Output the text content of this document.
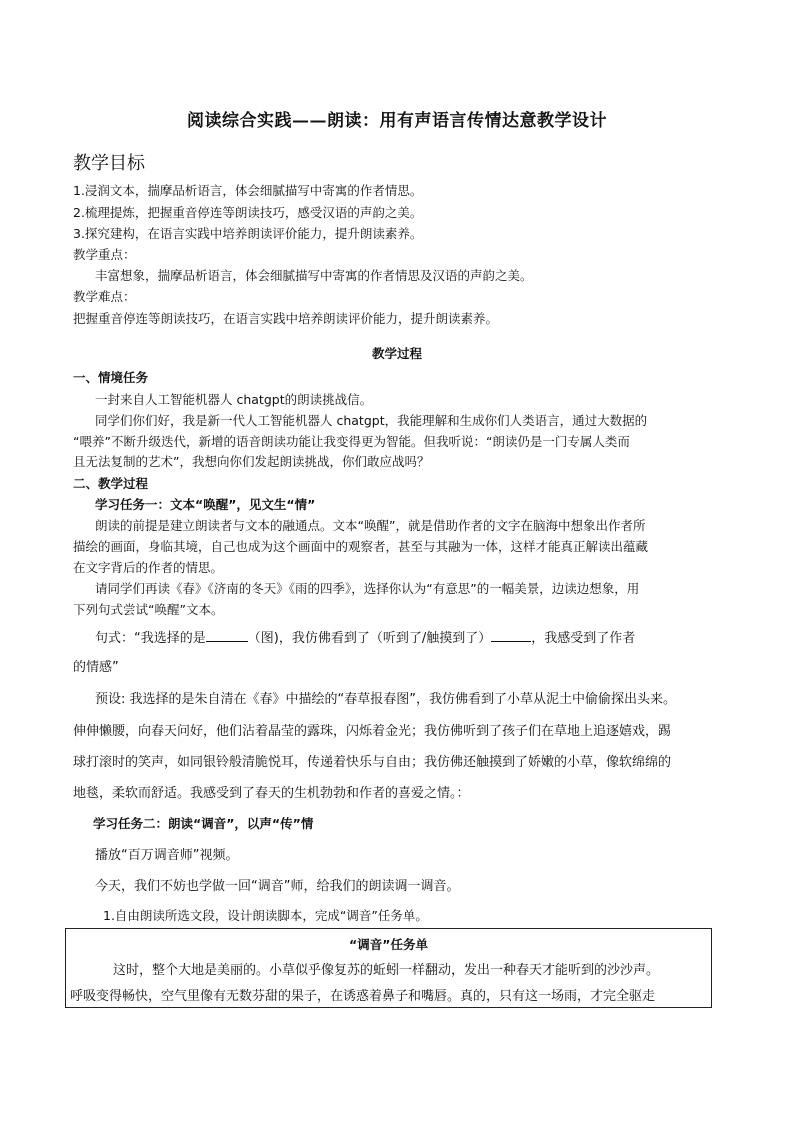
阅读综合实践——朗读：用有声语言传情达意教学设计
教学目标
1.浸润文本，揣摩品析语言，体会细腻描写中寄寓的作者情思。
2.梳理提炼，把握重音停连等朗读技巧，感受汉语的声韵之美。
3.探究建构，在语言实践中培养朗读评价能力，提升朗读素养。
教学重点：
丰富想象，揣摩品析语言，体会细腻描写中寄寓的作者情思及汉语的声韵之美。
教学难点：
把握重音停连等朗读技巧，在语言实践中培养朗读评价能力，提升朗读素养。
教学过程
一、情境任务
一封来自人工智能机器人 chatgpt的朗读挑战信。
同学们你们好，我是新一代人工智能机器人 chatgpt，我能理解和生成你们人类语言，通过大数据的
“喂养”不断升级迭代，新增的语音朗读功能让我变得更为智能。但我听说：“朗读仍是一门专属人类而
且无法复制的艺术”，我想向你们发起朗读挑战，你们敢应战吗？
二、教学过程
学习任务一：文本“唤醒”，见文生“情”
朗读的前提是建立朗读者与文本的融通点。文本“唤醒”，就是借助作者的文字在脑海中想象出作者所
描绘的画面，身临其境，自己也成为这个画面中的观察者，甚至与其融为一体，这样才能真正解读出蕴藏
在文字背后的作者的情思。
请同学们再读《春》《济南的冬天》《雨的四季》，选择你认为“有意思”的一幅美景，边读边想象，用
下列句式尝试“唤醒”文本。
句式：“我选择的是	（图)，我仿佛看到了（听到了/触摸到了）	，我感受到了作者
的情感”
预设: 我选择的是朱自清在《春》中描绘的“春草报春图”，我仿佛看到了小草从泥土中偷偷探出头来。
伸伸懒腰，向春天问好，他们沾着晶莹的露珠，闪烁着金光；我仿佛听到了孩子们在草地上追逐嬉戏，踢
球打滚时的笑声，如同银铃般清脆悦耳，传递着快乐与自由；我仿佛还触摸到了娇嫩的小草，像软绵绵的
地毯，柔软而舒适。我感受到了春天的生机勃勃和作者的喜爱之情。：
学习任务二：朗读“调音”，以声“传”情
播放“百万调音师”视频。
今天，我们不妨也学做一回“调音”师，给我们的朗读调一调音。
1.自由朗读所选文段，设计朗读脚本，完成“调音”任务单。
“调音”任务单
这时，整个大地是美丽的。小草似乎像复苏的蚯蚓一样翻动，发出一种春天才能听到的沙沙声。
呼吸变得畅快，空气里像有无数芬甜的果子，在诱惑着鼻子和嘴唇。真的，只有这一场雨，才完全驱走
